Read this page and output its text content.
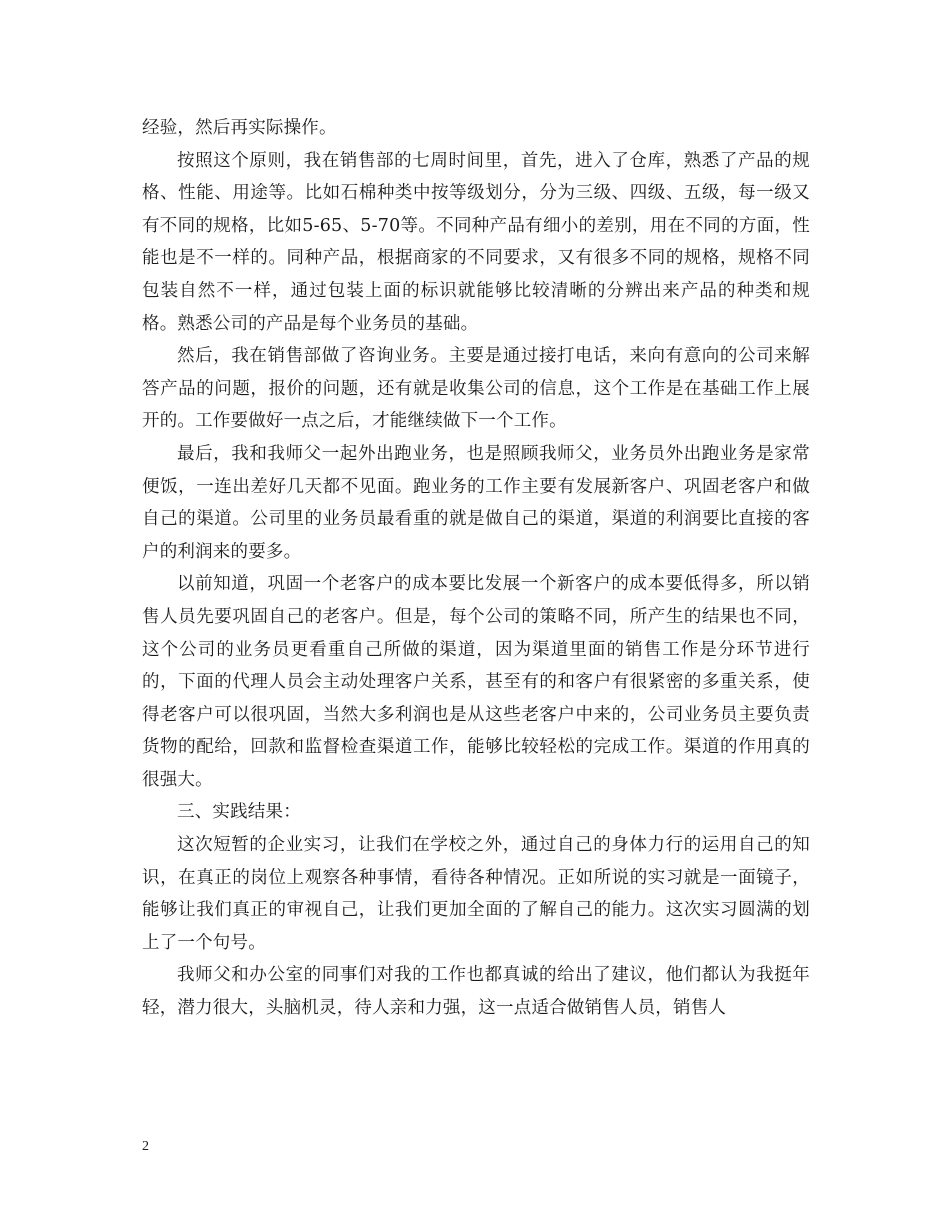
经验，然后再实际操作。

按照这个原则，我在销售部的七周时间里，首先，进入了仓库，熟悉了产品的规格、性能、用途等。比如石棉种类中按等级划分，分为三级、四级、五级，每一级又有不同的规格，比如5-65、5-70等。不同种产品有细小的差别，用在不同的方面，性能也是不一样的。同种产品，根据商家的不同要求，又有很多不同的规格，规格不同包装自然不一样，通过包装上面的标识就能够比较清晰的分辨出来产品的种类和规格。熟悉公司的产品是每个业务员的基础。

然后，我在销售部做了咨询业务。主要是通过接打电话，来向有意向的公司来解答产品的问题，报价的问题，还有就是收集公司的信息，这个工作是在基础工作上展开的。工作要做好一点之后，才能继续做下一个工作。

最后，我和我师父一起外出跑业务，也是照顾我师父，业务员外出跑业务是家常便饭，一连出差好几天都不见面。跑业务的工作主要有发展新客户、巩固老客户和做自己的渠道。公司里的业务员最看重的就是做自己的渠道，渠道的利润要比直接的客户的利润来的要多。

以前知道，巩固一个老客户的成本要比发展一个新客户的成本要低得多，所以销售人员先要巩固自己的老客户。但是，每个公司的策略不同，所产生的结果也不同，这个公司的业务员更看重自己所做的渠道，因为渠道里面的销售工作是分环节进行的，下面的代理人员会主动处理客户关系，甚至有的和客户有很紧密的多重关系，使得老客户可以很巩固，当然大多利润也是从这些老客户中来的，公司业务员主要负责货物的配给，回款和监督检查渠道工作，能够比较轻松的完成工作。渠道的作用真的很强大。

三、实践结果：

这次短暂的企业实习，让我们在学校之外，通过自己的身体力行的运用自己的知识，在真正的岗位上观察各种事情，看待各种情况。正如所说的实习就是一面镜子，能够让我们真正的审视自己，让我们更加全面的了解自己的能力。这次实习圆满的划上了一个句号。

我师父和办公室的同事们对我的工作也都真诚的给出了建议，他们都认为我挺年轻，潜力很大，头脑机灵，待人亲和力强，这一点适合做销售人员，销售人

2
